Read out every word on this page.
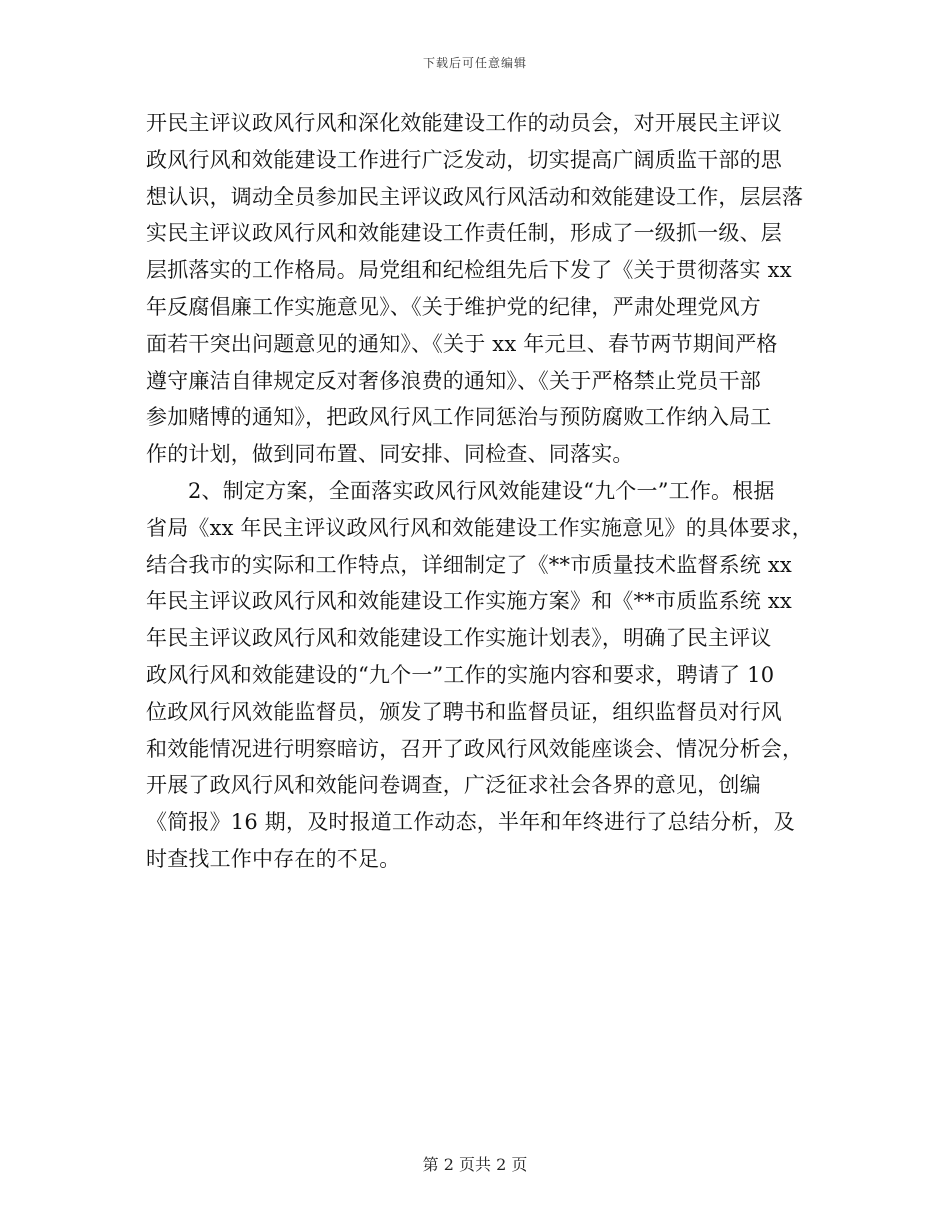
下载后可任意编辑
开民主评议政风行风和深化效能建设工作的动员会，对开展民主评议
政风行风和效能建设工作进行广泛发动，切实提高广阔质监干部的思
想认识，调动全员参加民主评议政风行风活动和效能建设工作，层层落
实民主评议政风行风和效能建设工作责任制，形成了一级抓一级、层
层抓落实的工作格局。局党组和纪检组先后下发了《关于贯彻落实 xx
年反腐倡廉工作实施意见》、《关于维护党的纪律，严肃处理党风方
面若干突出问题意见的通知》、《关于 xx 年元旦、春节两节期间严格
遵守廉洁自律规定反对奢侈浪费的通知》、《关于严格禁止党员干部
参加赌博的通知》，把政风行风工作同惩治与预防腐败工作纳入局工
作的计划，做到同布置、同安排、同检查、同落实。
2、制定方案，全面落实政风行风效能建设“九个一”工作。根据
省局《xx 年民主评议政风行风和效能建设工作实施意见》的具体要求，
结合我市的实际和工作特点，详细制定了《**市质量技术监督系统 xx
年民主评议政风行风和效能建设工作实施方案》和《**市质监系统 xx
年民主评议政风行风和效能建设工作实施计划表》，明确了民主评议
政风行风和效能建设的“九个一”工作的实施内容和要求，聘请了 10
位政风行风效能监督员，颁发了聘书和监督员证，组织监督员对行风
和效能情况进行明察暗访，召开了政风行风效能座谈会、情况分析会，
开展了政风行风和效能问卷调查，广泛征求社会各界的意见，创编
《简报》16 期，及时报道工作动态，半年和年终进行了总结分析，及
时查找工作中存在的不足。
第 2 页共 2 页
